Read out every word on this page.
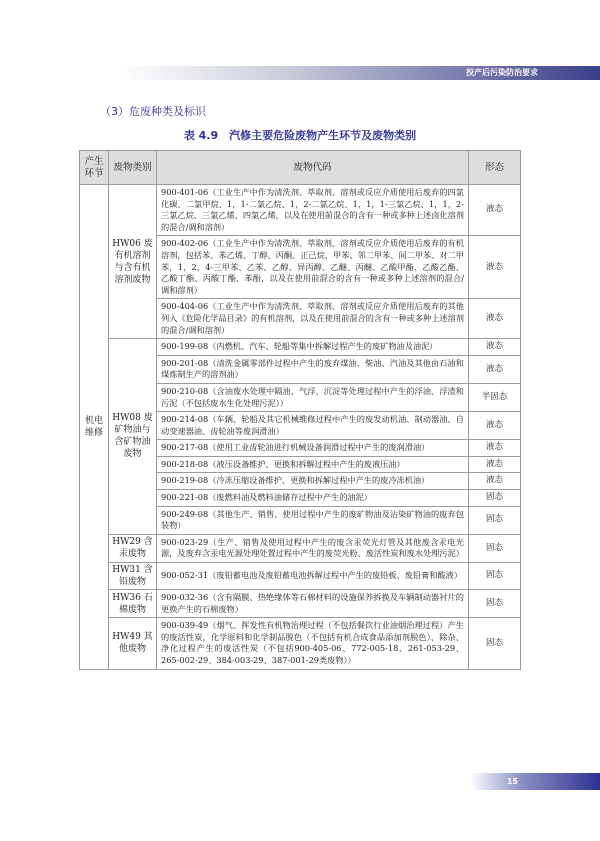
投产后污染防治要求
（3）危废种类及标识
表 4.9　汽修主要危险废物产生环节及废物类别
产生环节	废物类别	废物代码	形态
机电维修	HW06 废有机溶剂与含有机溶剂废物	900-401-06（工业生产中作为清洗剂、萃取剂、溶剂或反应介质使用后废弃的四氯化碳、二氯甲烷、1，1-二氯乙烷、1，2-二氯乙烷、1，1，1-三氯乙烷、1，1，2-三氯乙烷、三氯乙烯、四氯乙烯，以及在使用前混合的含有一种或多种上述卤化溶剂的混合/调和溶剂）	液态
		900-402-06（工业生产中作为清洗剂、萃取剂、溶剂或反应介质使用后废弃的有机溶剂，包括苯、苯乙烯、丁醇、丙酮、正己烷、甲苯、邻二甲苯、间二甲苯、对二甲苯，1，2，4-三甲苯、乙苯、乙醇、异丙醇、乙醚、丙醚、乙酸甲酯、乙酸乙酯、乙酸丁酯、丙酸丁酯、苯酚，以及在使用前混合的含有一种或多种上述溶剂的混合/调和溶剂）	液态
		900-404-06（工业生产中作为清洗剂、萃取剂、溶剂或反应介质使用后废弃的其他列入《危险化学品目录》的有机溶剂，以及在使用前混合的含有一种或多种上述溶剂的混合/调和溶剂）	液态
	HW08 废矿物油与含矿物油废物	900-199-08（内燃机、汽车、轮船等集中拆解过程产生的废矿物油及油泥）	液态
		900-201-08（清洗金属零部件过程中产生的废弃煤油、柴油、汽油及其他由石油和煤炼制生产的溶剂油）	液态
		900-210-08（含油废水处理中隔油、气浮、沉淀等处理过程中产生的浮油、浮渣和污泥（不包括废水生化处理污泥））	半固态
		900-214-08（车辆、轮船及其它机械维修过程中产生的废发动机油、制动器油、自动变速器油、齿轮油等废润滑油）	液态
		900-217-08（使用工业齿轮油进行机械设备润滑过程中产生的废润滑油）	液态
		900-218-08（液压设备维护、更换和拆解过程中产生的废液压油）	液态
		900-219-08（冷冻压缩设备维护、更换和拆解过程中产生的废冷冻机油）	液态
		900-221-08（废燃料油及燃料油储存过程中产生的油泥）	固态
		900-249-08（其他生产、销售、使用过程中产生的废矿物油及沾染矿物油的废弃包装物）	固态
	HW29 含汞废物	900-023-29（生产、销售及使用过程中产生的废含汞荧光灯管及其他废含汞电光源，及废弃含汞电光源处理处置过程中产生的废荧光粉、废活性炭和废水处理污泥）	固态
	HW31 含铅废物	900-052-31（废铅蓄电池及废铅蓄电池拆解过程中产生的废铅板、废铅膏和酸液）	固态
	HW36 石棉废物	900-032-36（含有隔膜、热绝缘体等石棉材料的设施保养拆换及车辆制动器衬片的更换产生的石棉废物）	固态
	HW49 其他废物	900-039-49（烟气、挥发性有机物治理过程（不包括餐饮行业油烟治理过程）产生的废活性炭，化学原料和化学制品脱色（不包括有机合成食品添加剂脱色）、除杂、净化过程产生的废活性炭（不包括900-405-06、772-005-18、261-053-29、265-002-29、384-003-29、387-001-29类废物））	固态
15
